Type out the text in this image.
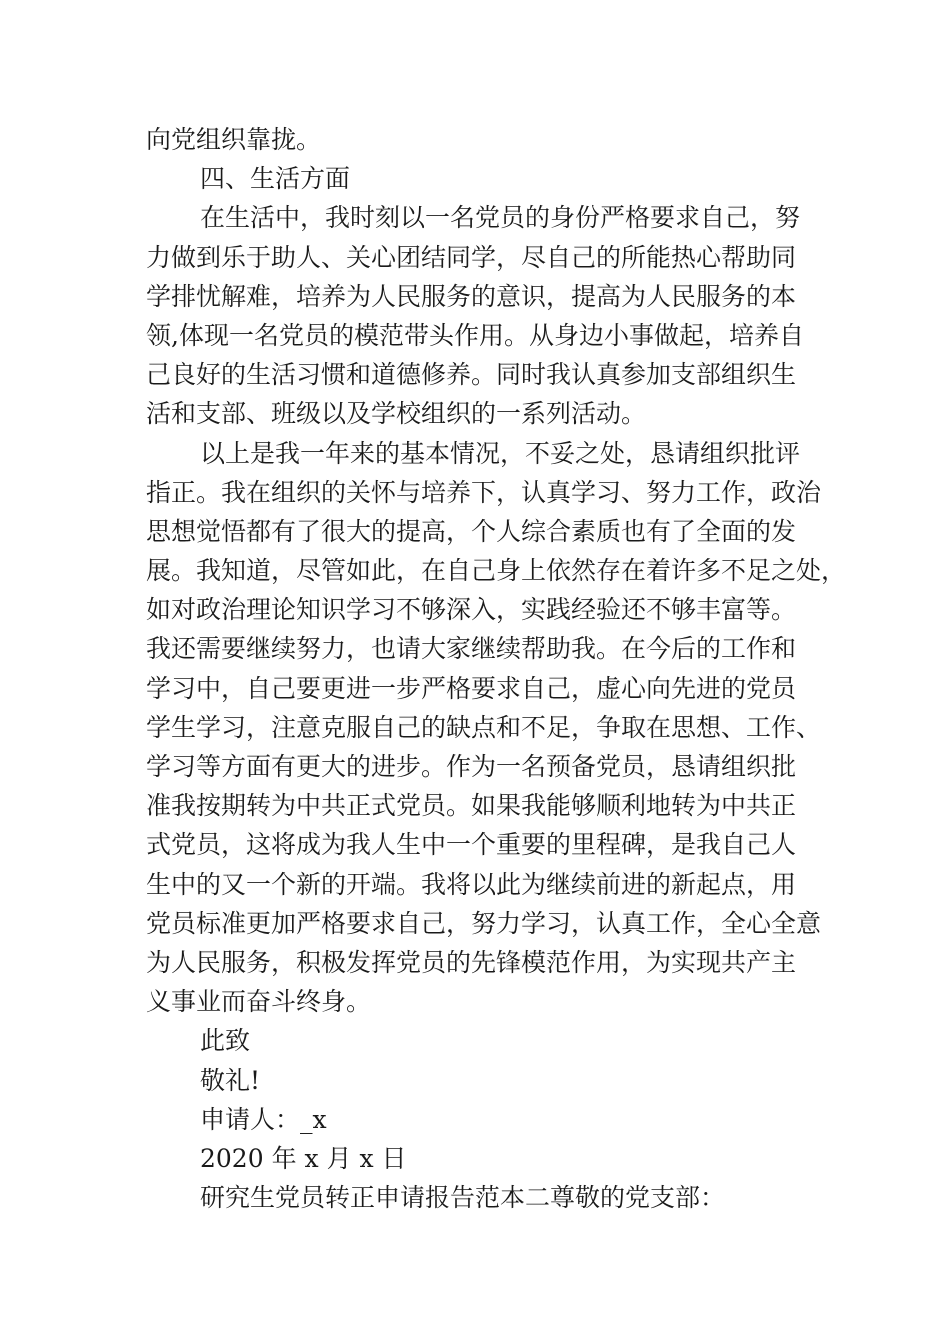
向党组织靠拢。
四、生活方面
在生活中，我时刻以一名党员的身份严格要求自己，努
力做到乐于助人、关心团结同学，尽自己的所能热心帮助同
学排忧解难，培养为人民服务的意识，提高为人民服务的本
领,体现一名党员的模范带头作用。从身边小事做起，培养自
己良好的生活习惯和道德修养。同时我认真参加支部组织生
活和支部、班级以及学校组织的一系列活动。
以上是我一年来的基本情况，不妥之处，恳请组织批评
指正。我在组织的关怀与培养下，认真学习、努力工作，政治
思想觉悟都有了很大的提高，个人综合素质也有了全面的发
展。我知道，尽管如此，在自己身上依然存在着许多不足之处，
如对政治理论知识学习不够深入，实践经验还不够丰富等。
我还需要继续努力，也请大家继续帮助我。在今后的工作和
学习中，自己要更进一步严格要求自己，虚心向先进的党员
学生学习，注意克服自己的缺点和不足，争取在思想、工作、
学习等方面有更大的进步。作为一名预备党员，恳请组织批
准我按期转为中共正式党员。如果我能够顺利地转为中共正
式党员，这将成为我人生中一个重要的里程碑，是我自己人
生中的又一个新的开端。我将以此为继续前进的新起点，用
党员标准更加严格要求自己，努力学习，认真工作，全心全意
为人民服务，积极发挥党员的先锋模范作用，为实现共产主
义事业而奋斗终身。
此致
敬礼!
申请人：_x
2020 年 x 月 x 日
研究生党员转正申请报告范本二尊敬的党支部：
